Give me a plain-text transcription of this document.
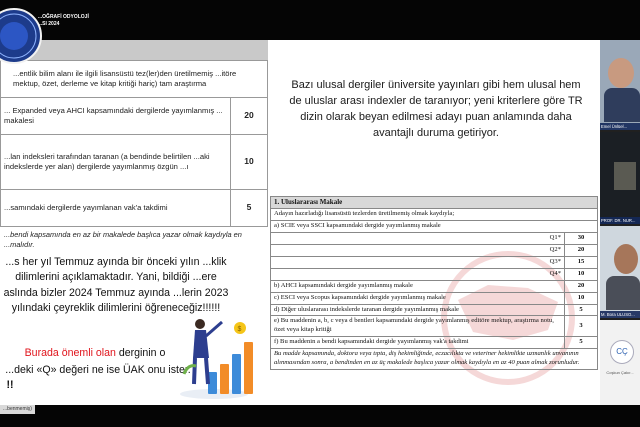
...entlik bilim alanı ile ilgili lisansüstü tez(ler)den üretilmemiş ...itöre mektup, özet, derleme ve kitap kritiği hariç) tam araştırma	
... Expanded veya AHCI kapsamındaki dergilerde yayımlanmış ... makalesi	20
...lan indeksleri tarafından taranan (a bendinde belirtilen ...aki indekslerde yer alan) dergilerde yayımlanmış özgün ...ı	10
...samındaki dergilerde yayımlanan vak'a takdimi	5
...bendi kapsamında en az bir makalede başlıca yazar olmak kaydıyla en ...malıdır.
...s her yıl Temmuz ayında bir önceki yılın ...klik dilimlerini açıklamaktadır. Yani, bildiği ...ere aslında bizler 2024 Temmuz ayında ...lerin 2023 yılındaki çeyreklik dilimlerini öğreneceğiz!!!!!!
Burada önemli olan derginin o
...deki «Q» değeri ne ise ÜAK onu ister.
!!
$
...OĞRAFİ ODYOLOJİ
...SI 2024
Bazı ulusal dergiler üniversite yayınları gibi hem ulusal hem de uluslar arası indexler de taranıyor; yeni kriterlere göre TR dizin olarak beyan edilmesi adayı puan anlamında daha avantajlı duruma getiriyor.
1. Uluslararası Makale	
Adayın hazırladığı lisansüstü tezlerden üretilmemiş olmak kaydıyla;	
a) SCIE veya SSCI kapsamındaki dergide yayımlanmış makale	
Q1*	30
Q2*	20
Q3*	15
Q4*	10
b) AHCI kapsamındaki dergide yayımlanmış makale	20
c) ESCI veya Scopus kapsamındaki dergide yayımlanmış makale	10
d) Diğer uluslararası indekslerde taranan dergide yayımlanmış makale	5
e) Bu maddenin a, b, c veya d bentleri kapsamındaki dergide yayımlanmış editöre mektup, araştırma notu, özet veya kitap kritiği	3
f) Bu maddenin a bendi kapsamındaki dergide yayımlanmış vak'a takdimi	5
Bu madde kapsamında, doktora veya tıpta, diş hekimliğinde, eczacılıkta ve veteriner hekimlikte uzmanlık unvanının alınmasından sonra, a bendinden en az üç makalede başlıca yazar olmak kaydıyla en az 40 puan almak zorunludur.	
Emel Ünlüel...
PROF. DR. NUR...
M. Bora ULUSO...
CÇ
Coşkun Çakır...
...benmemiş)
